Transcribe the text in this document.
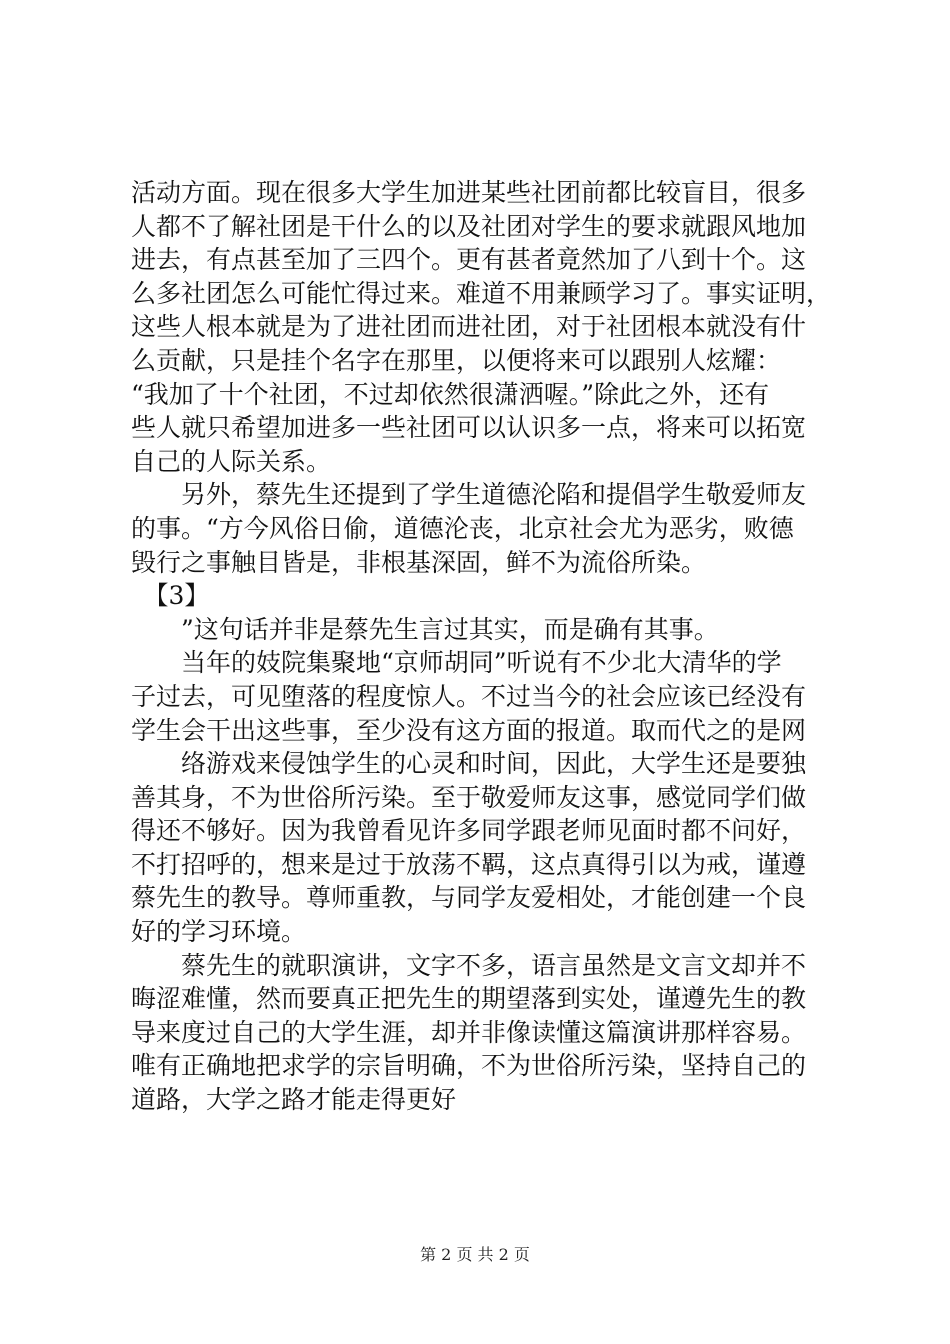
活动方面。现在很多大学生加进某些社团前都比较盲目，很多
人都不了解社团是干什么的以及社团对学生的要求就跟风地加
进去，有点甚至加了三四个。更有甚者竟然加了八到十个。这
么多社团怎么可能忙得过来。难道不用兼顾学习了。事实证明，
这些人根本就是为了进社团而进社团，对于社团根本就没有什
么贡献，只是挂个名字在那里，以便将来可以跟别人炫耀：
“我加了十个社团，不过却依然很潇洒喔。”除此之外，还有
些人就只希望加进多一些社团可以认识多一点，将来可以拓宽
自己的人际关系。
　　另外，蔡先生还提到了学生道德沦陷和提倡学生敬爱师友
的事。“方今风俗日偷，道德沦丧，北京社会尤为恶劣，败德
毁行之事触目皆是，非根基深固，鲜不为流俗所染。
　【3】
　　”这句话并非是蔡先生言过其实，而是确有其事。
　　当年的妓院集聚地“京师胡同”听说有不少北大清华的学
子过去，可见堕落的程度惊人。不过当今的社会应该已经没有
学生会干出这些事，至少没有这方面的报道。取而代之的是网
　　络游戏来侵蚀学生的心灵和时间，因此，大学生还是要独
善其身，不为世俗所污染。至于敬爱师友这事，感觉同学们做
得还不够好。因为我曾看见许多同学跟老师见面时都不问好，
不打招呼的，想来是过于放荡不羁，这点真得引以为戒，谨遵
蔡先生的教导。尊师重教，与同学友爱相处，才能创建一个良
好的学习环境。
　　蔡先生的就职演讲，文字不多，语言虽然是文言文却并不
晦涩难懂，然而要真正把先生的期望落到实处，谨遵先生的教
导来度过自己的大学生涯，却并非像读懂这篇演讲那样容易。
唯有正确地把求学的宗旨明确，不为世俗所污染，坚持自己的
道路，大学之路才能走得更好
第 2 页 共 2 页
